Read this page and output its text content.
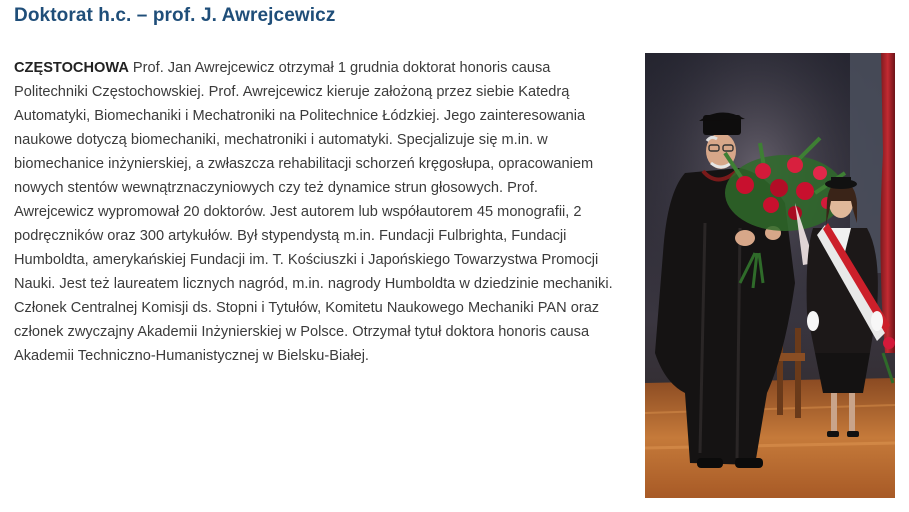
Doktorat h.c. – prof. J. Awrejcewicz

CZĘSTOCHOWA Prof. Jan Awrejcewicz otrzymał 1 grudnia doktorat honoris causa Politechniki Częstochowskiej. Prof. Awrejcewicz kieruje założoną przez siebie Katedrą Automatyki, Biomechaniki i Mechatroniki na Politechnice Łódzkiej. Jego zainteresowania naukowe dotyczą biomechaniki, mechatroniki i automatyki. Specjalizuje się m.in. w biomechanice inżynierskiej, a zwłaszcza rehabilitacji schorzeń kręgosłupa, opracowaniem nowych stentów wewnątrznaczyniowych czy też dynamice strun głosowych. Prof. Awrejcewicz wypromował 20 doktorów. Jest autorem lub współautorem 45 monografii, 2 podręczników oraz 300 artykułów. Był stypendystą m.in. Fundacji Fulbrighta, Fundacji Humboldta, amerykańskiej Fundacji im. T. Kościuszki i Japońskiego Towarzystwa Promocji Nauki. Jest też laureatem licznych nagród, m.in. nagrody Humboldta w dziedzinie mechaniki. Członek Centralnej Komisji ds. Stopni i Tytułów, Komitetu Naukowego Mechaniki PAN oraz członek zwyczajny Akademii Inżynierskiej w Polsce. Otrzymał tytuł doktora honoris causa Akademii Techniczno-Humanistycznej w Bielsku-Białej.
